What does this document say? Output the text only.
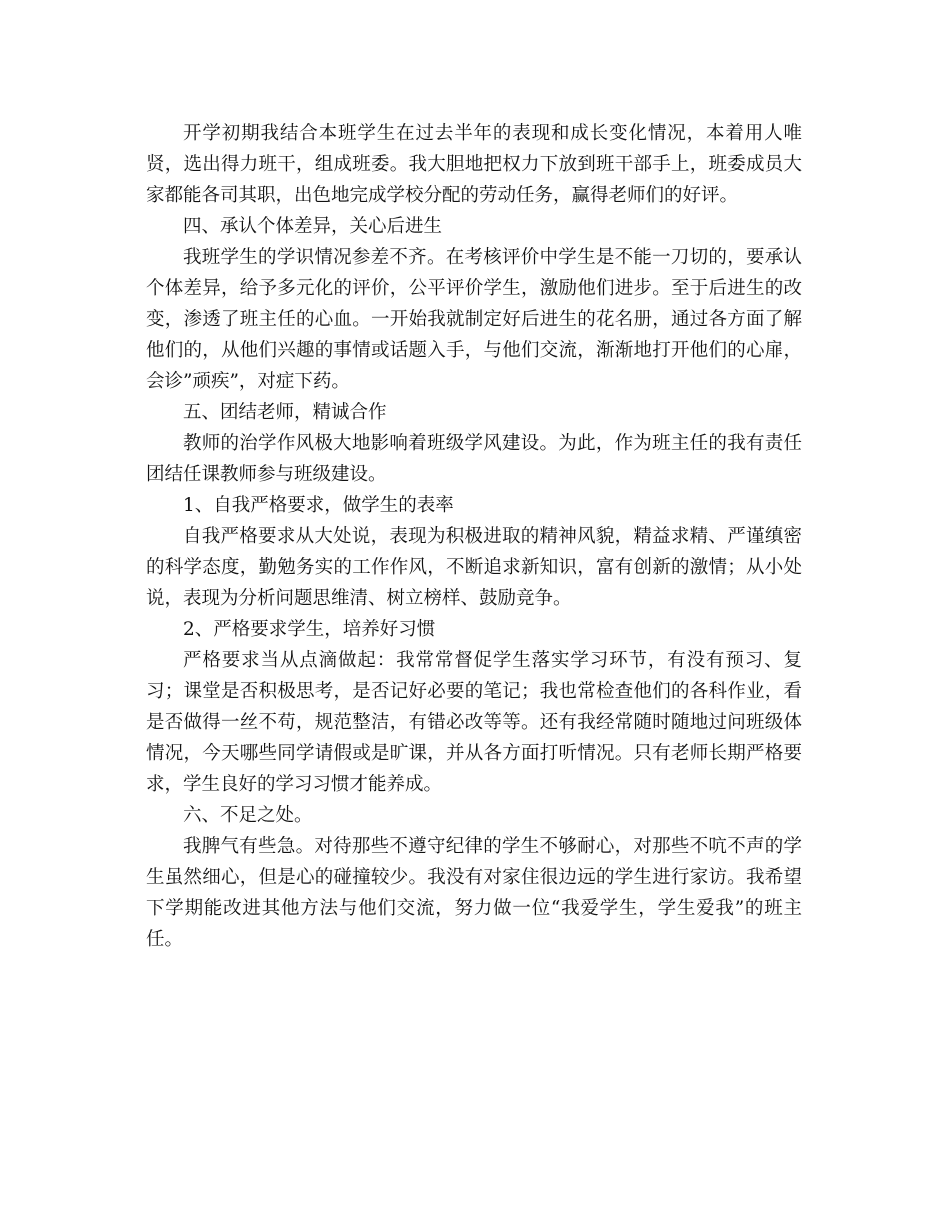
开学初期我结合本班学生在过去半年的表现和成长变化情况，本着用人唯贤，选出得力班干，组成班委。我大胆地把权力下放到班干部手上，班委成员大家都能各司其职，出色地完成学校分配的劳动任务，赢得老师们的好评。

四、承认个体差异，关心后进生

我班学生的学识情况参差不齐。在考核评价中学生是不能一刀切的，要承认个体差异，给予多元化的评价，公平评价学生，激励他们进步。至于后进生的改变，渗透了班主任的心血。一开始我就制定好后进生的花名册，通过各方面了解他们的，从他们兴趣的事情或话题入手，与他们交流，渐渐地打开他们的心扉，会诊”顽疾”，对症下药。

五、团结老师，精诚合作

教师的治学作风极大地影响着班级学风建设。为此，作为班主任的我有责任团结任课教师参与班级建设。

1、自我严格要求，做学生的表率

自我严格要求从大处说，表现为积极进取的精神风貌，精益求精、严谨缜密的科学态度，勤勉务实的工作作风，不断追求新知识，富有创新的激情；从小处说，表现为分析问题思维清、树立榜样、鼓励竞争。

2、严格要求学生，培养好习惯

严格要求当从点滴做起：我常常督促学生落实学习环节，有没有预习、复习；课堂是否积极思考，是否记好必要的笔记；我也常检查他们的各科作业，看是否做得一丝不苟，规范整洁，有错必改等等。还有我经常随时随地过问班级体情况，今天哪些同学请假或是旷课，并从各方面打听情况。只有老师长期严格要求，学生良好的学习习惯才能养成。

六、不足之处。

我脾气有些急。对待那些不遵守纪律的学生不够耐心，对那些不吭不声的学生虽然细心，但是心的碰撞较少。我没有对家住很边远的学生进行家访。我希望下学期能改进其他方法与他们交流，努力做一位“我爱学生，学生爱我”的班主任。
